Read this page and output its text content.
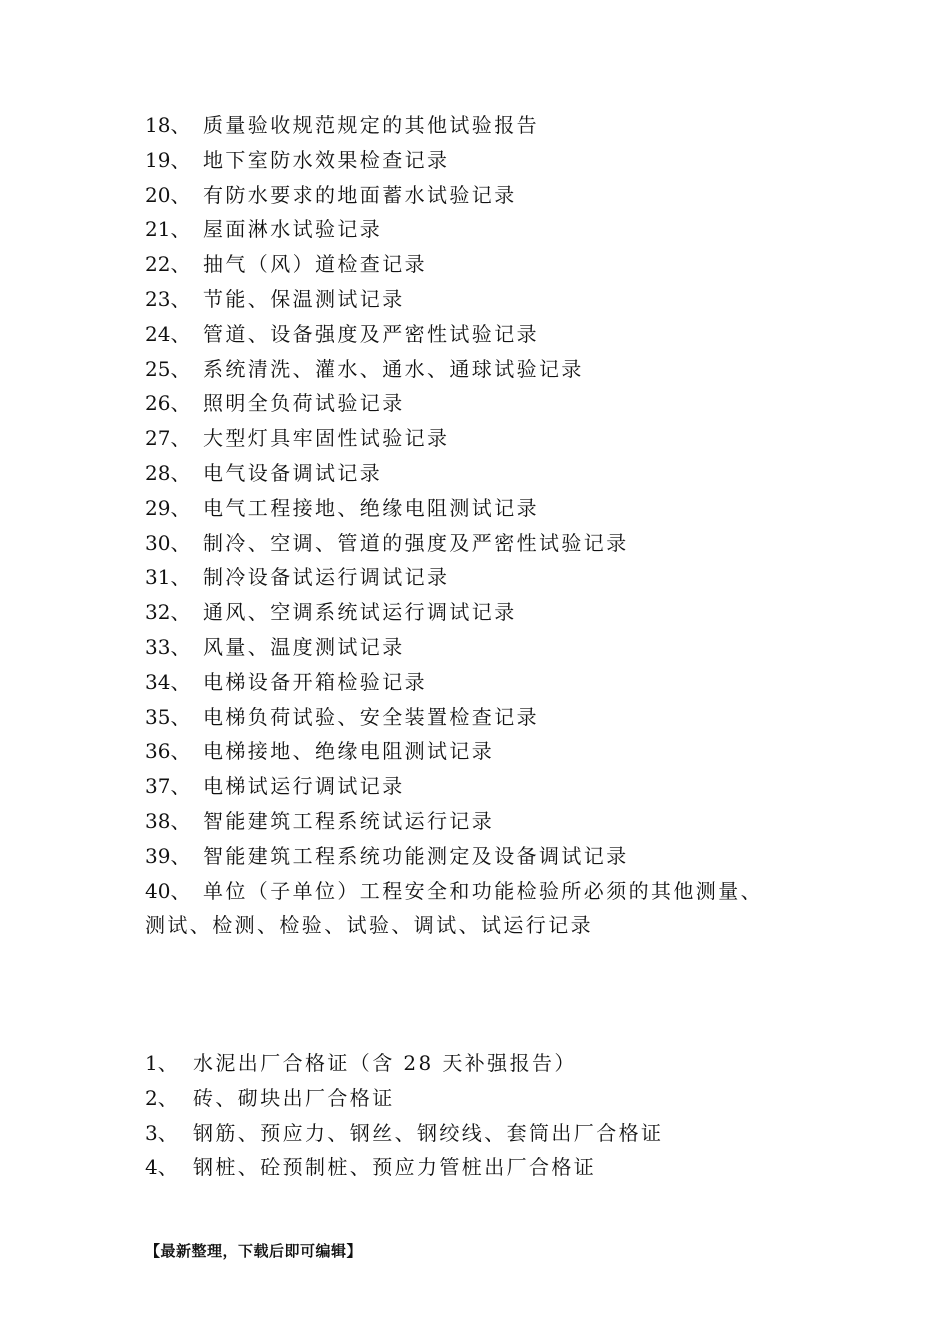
18、 质量验收规范规定的其他试验报告
19、 地下室防水效果检查记录
20、 有防水要求的地面蓄水试验记录
21、 屋面淋水试验记录
22、 抽气（风）道检查记录
23、 节能、保温测试记录
24、 管道、设备强度及严密性试验记录
25、 系统清洗、灌水、通水、通球试验记录
26、 照明全负荷试验记录
27、 大型灯具牢固性试验记录
28、 电气设备调试记录
29、 电气工程接地、绝缘电阻测试记录
30、 制冷、空调、管道的强度及严密性试验记录
31、 制冷设备试运行调试记录
32、 通风、空调系统试运行调试记录
33、 风量、温度测试记录
34、 电梯设备开箱检验记录
35、 电梯负荷试验、安全装置检查记录
36、 电梯接地、绝缘电阻测试记录
37、 电梯试运行调试记录
38、 智能建筑工程系统试运行记录
39、 智能建筑工程系统功能测定及设备调试记录
40、 单位（子单位）工程安全和功能检验所必须的其他测量、
测试、检测、检验、试验、调试、试运行记录
1、 水泥出厂合格证（含 28 天补强报告）
2、 砖、砌块出厂合格证
3、 钢筋、预应力、钢丝、钢绞线、套筒出厂合格证
4、 钢桩、砼预制桩、预应力管桩出厂合格证
【最新整理，下载后即可编辑】
